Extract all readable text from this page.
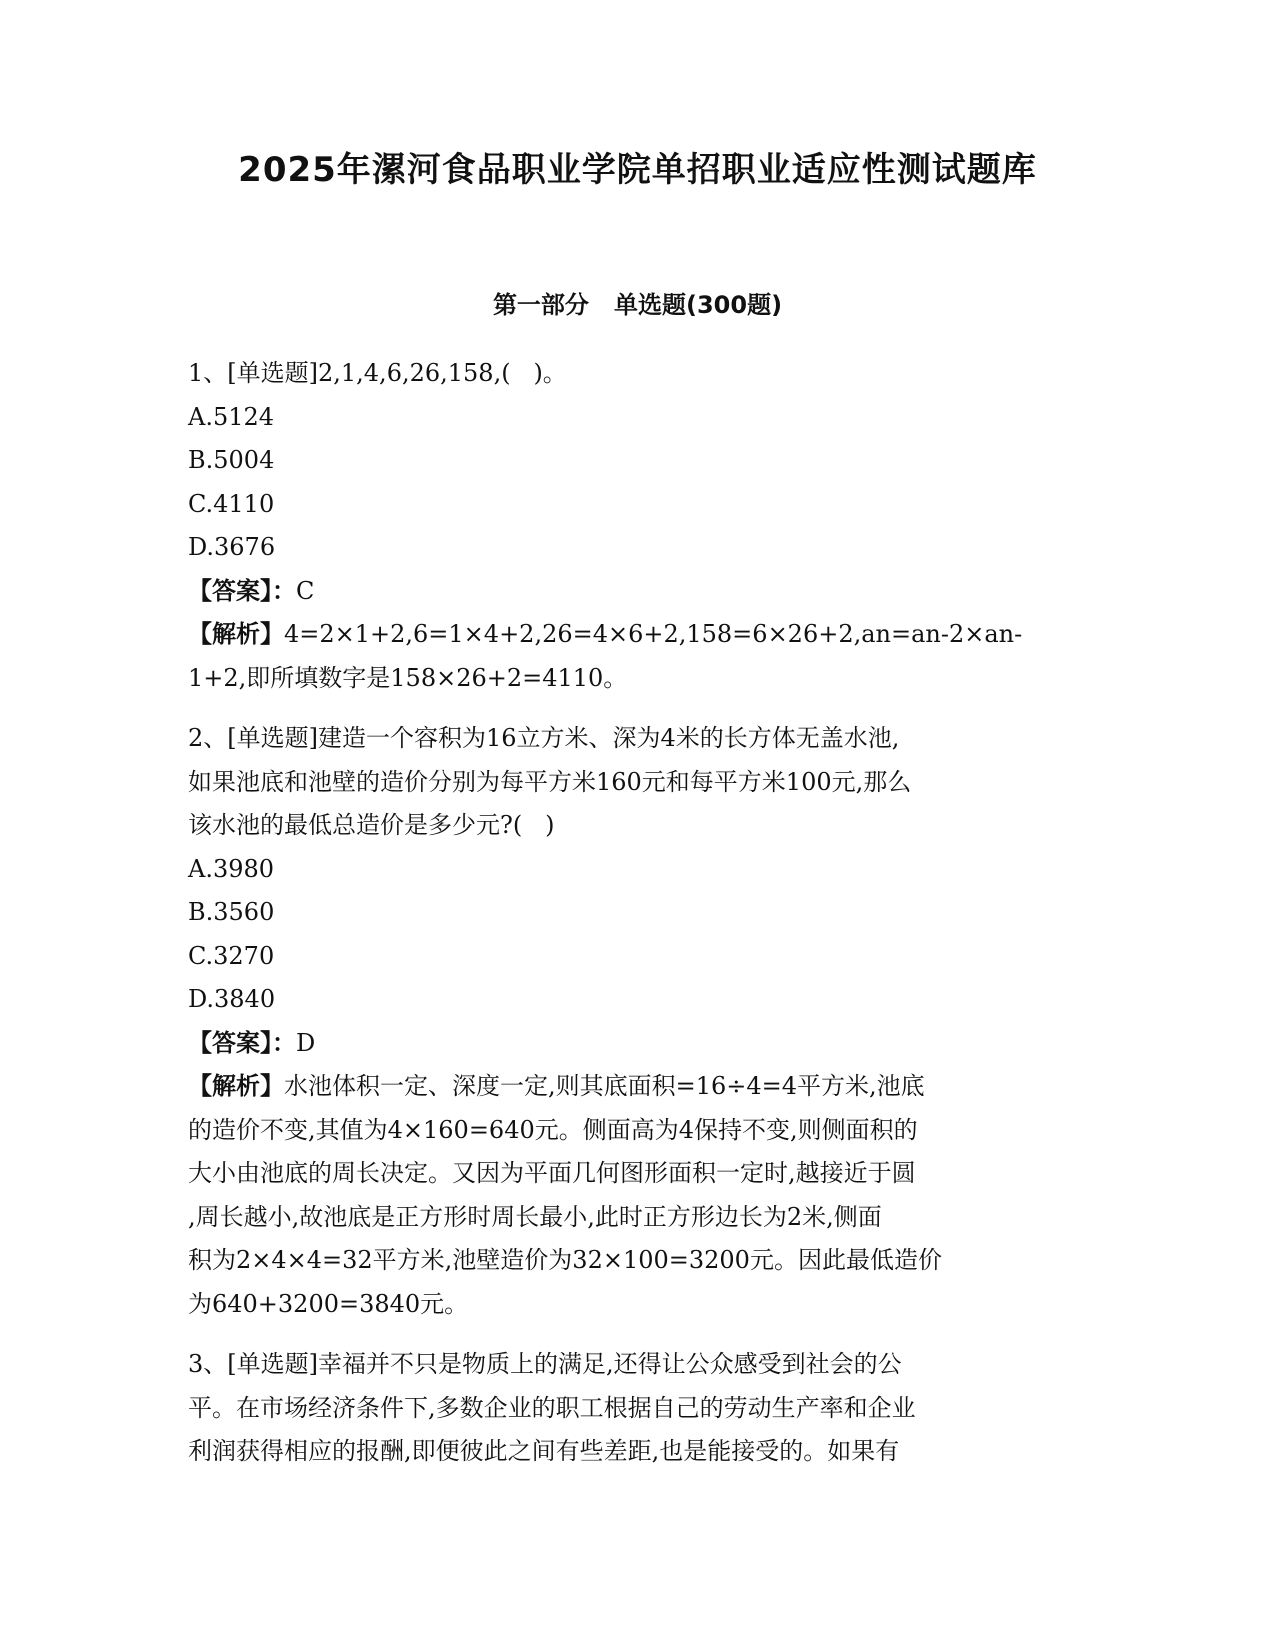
2025年漯河食品职业学院单招职业适应性测试题库
第一部分   单选题(300题)
1、[单选题]2,1,4,6,26,158,(   )。
A.5124
B.5004
C.4110
D.3676
【答案】：C
【解析】4=2×1+2,6=1×4+2,26=4×6+2,158=6×26+2,an=an-2×an-
1+2,即所填数字是158×26+2=4110。
2、[单选题]建造一个容积为16立方米、深为4米的长方体无盖水池,
如果池底和池壁的造价分别为每平方米160元和每平方米100元,那么
该水池的最低总造价是多少元?(   )
A.3980
B.3560
C.3270
D.3840
【答案】：D
【解析】水池体积一定、深度一定,则其底面积=16÷4=4平方米,池底
的造价不变,其值为4×160=640元。侧面高为4保持不变,则侧面积的
大小由池底的周长决定。又因为平面几何图形面积一定时,越接近于圆
,周长越小,故池底是正方形时周长最小,此时正方形边长为2米,侧面
积为2×4×4=32平方米,池壁造价为32×100=3200元。因此最低造价
为640+3200=3840元。
3、[单选题]幸福并不只是物质上的满足,还得让公众感受到社会的公
平。在市场经济条件下,多数企业的职工根据自己的劳动生产率和企业
利润获得相应的报酬,即便彼此之间有些差距,也是能接受的。如果有
